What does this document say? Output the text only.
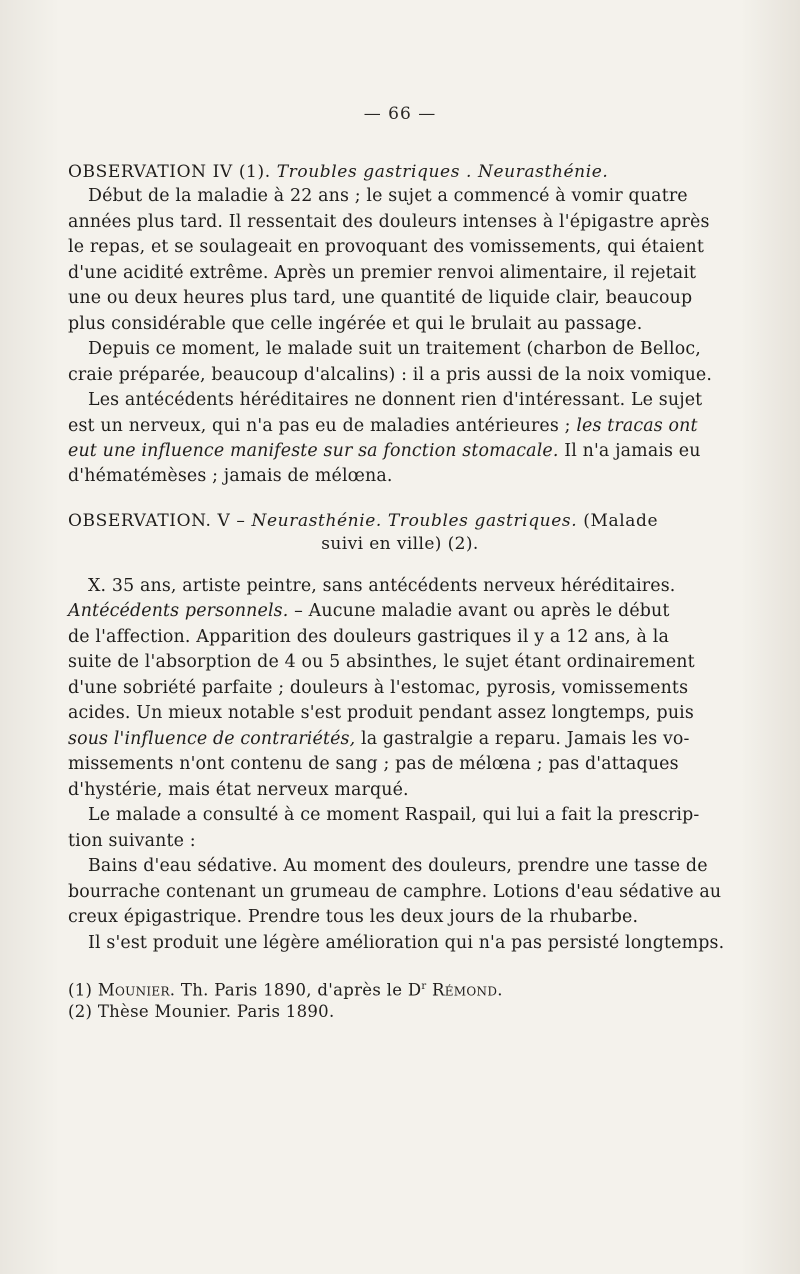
— 66 —
OBSERVATION IV (1). Troubles gastriques . Neurasthénie.
Début de la maladie à 22 ans ; le sujet a commencé à vomir quatre
années plus tard. Il ressentait des douleurs intenses à l'épigastre après
le repas, et se soulageait en provoquant des vomissements, qui étaient
d'une acidité extrême. Après un premier renvoi alimentaire, il rejetait
une ou deux heures plus tard, une quantité de liquide clair, beaucoup
plus considérable que celle ingérée et qui le brulait au passage.
Depuis ce moment, le malade suit un traitement (charbon de Belloc,
craie préparée, beaucoup d'alcalins) : il a pris aussi de la noix vomique.
Les antécédents héréditaires ne donnent rien d'intéressant. Le sujet
est un nerveux, qui n'a pas eu de maladies antérieures ; les tracas ont
eut une influence manifeste sur sa fonction stomacale. Il n'a jamais eu
d'hématémèses ; jamais de mélœna.
OBSERVATION. V – Neurasthénie. Troubles gastriques. (Malade
suivi en ville) (2).
X. 35 ans, artiste peintre, sans antécédents nerveux héréditaires.
Antécédents personnels. – Aucune maladie avant ou après le début
de l'affection. Apparition des douleurs gastriques il y a 12 ans, à la
suite de l'absorption de 4 ou 5 absinthes, le sujet étant ordinairement
d'une sobriété parfaite ; douleurs à l'estomac, pyrosis, vomissements
acides. Un mieux notable s'est produit pendant assez longtemps, puis
sous l'influence de contrariétés, la gastralgie a reparu. Jamais les vo-
missements n'ont contenu de sang ; pas de mélœna ; pas d'attaques
d'hystérie, mais état nerveux marqué.
Le malade a consulté à ce moment Raspail, qui lui a fait la prescrip-
tion suivante :
Bains d'eau sédative. Au moment des douleurs, prendre une tasse de
bourrache contenant un grumeau de camphre. Lotions d'eau sédative au
creux épigastrique. Prendre tous les deux jours de la rhubarbe.
Il s'est produit une légère amélioration qui n'a pas persisté longtemps.
(1) Mounier. Th. Paris 1890, d'après le $D^r$ Rémond.
(2) Thèse Mounier. Paris 1890.
